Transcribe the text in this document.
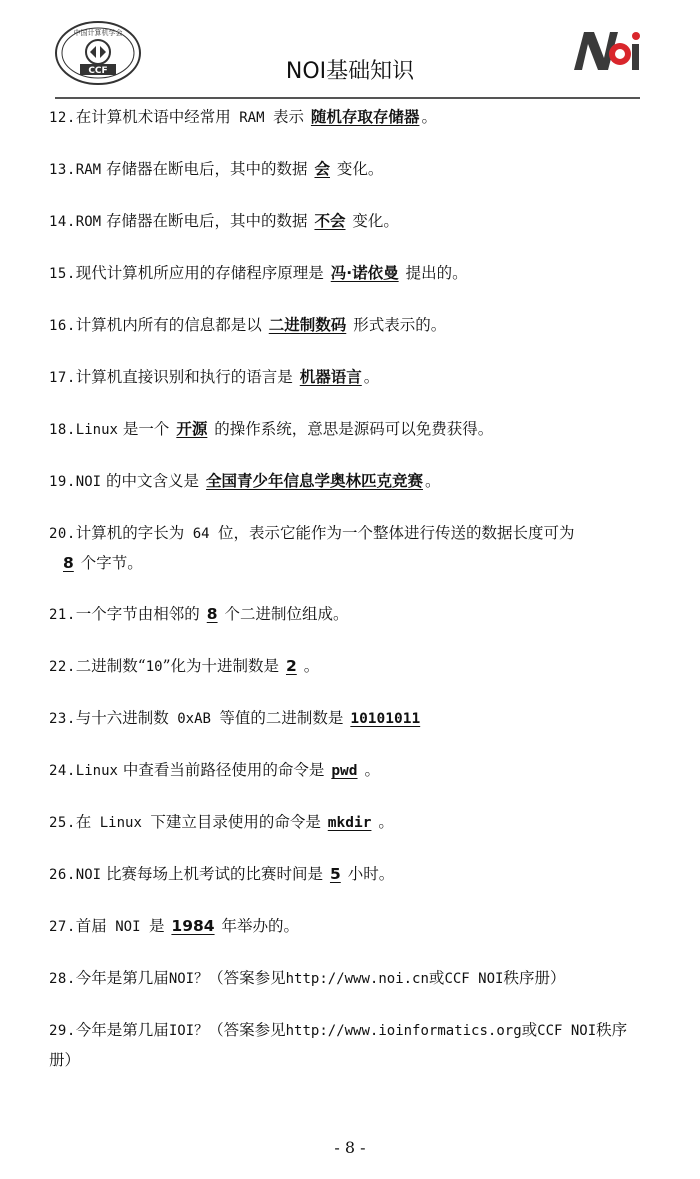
中国计算机学会
CCF	NOI基础知识

12.在计算机术语中经常用 RAM 表示 随机存取存储器 。

13.RAM 存储器在断电后，其中的数据 会 变化。

14.ROM 存储器在断电后，其中的数据 不会 变化。

15.现代计算机所应用的存储程序原理是 冯·诺依曼 提出的。

16.计算机内所有的信息都是以 二进制数码 形式表示的。

17.计算机直接识别和执行的语言是 机器语言 。

18.Linux 是一个 开源 的操作系统，意思是源码可以免费获得。

19.NOI 的中文含义是 全国青少年信息学奥林匹克竞赛 。

20.计算机的字长为 64 位，表示它能作为一个整体进行传送的数据长度可为
8 个字节。

21.一个字节由相邻的 8 个二进制位组成。

22.二进制数“10”化为十进制数是 2 。

23.与十六进制数 0xAB 等值的二进制数是 10101011

24.Linux 中查看当前路径使用的命令是 pwd 。

25.在 Linux 下建立目录使用的命令是 mkdir 。

26.NOI 比赛每场上机考试的比赛时间是 5 小时。

27.首届 NOI 是 1984 年举办的。

28.今年是第几届NOI？（答案参见http://www.noi.cn或CCF NOI秩序册）

29.今年是第几届IOI？（答案参见http://www.ioinformatics.org或CCF NOI秩序册）

- 8 -
